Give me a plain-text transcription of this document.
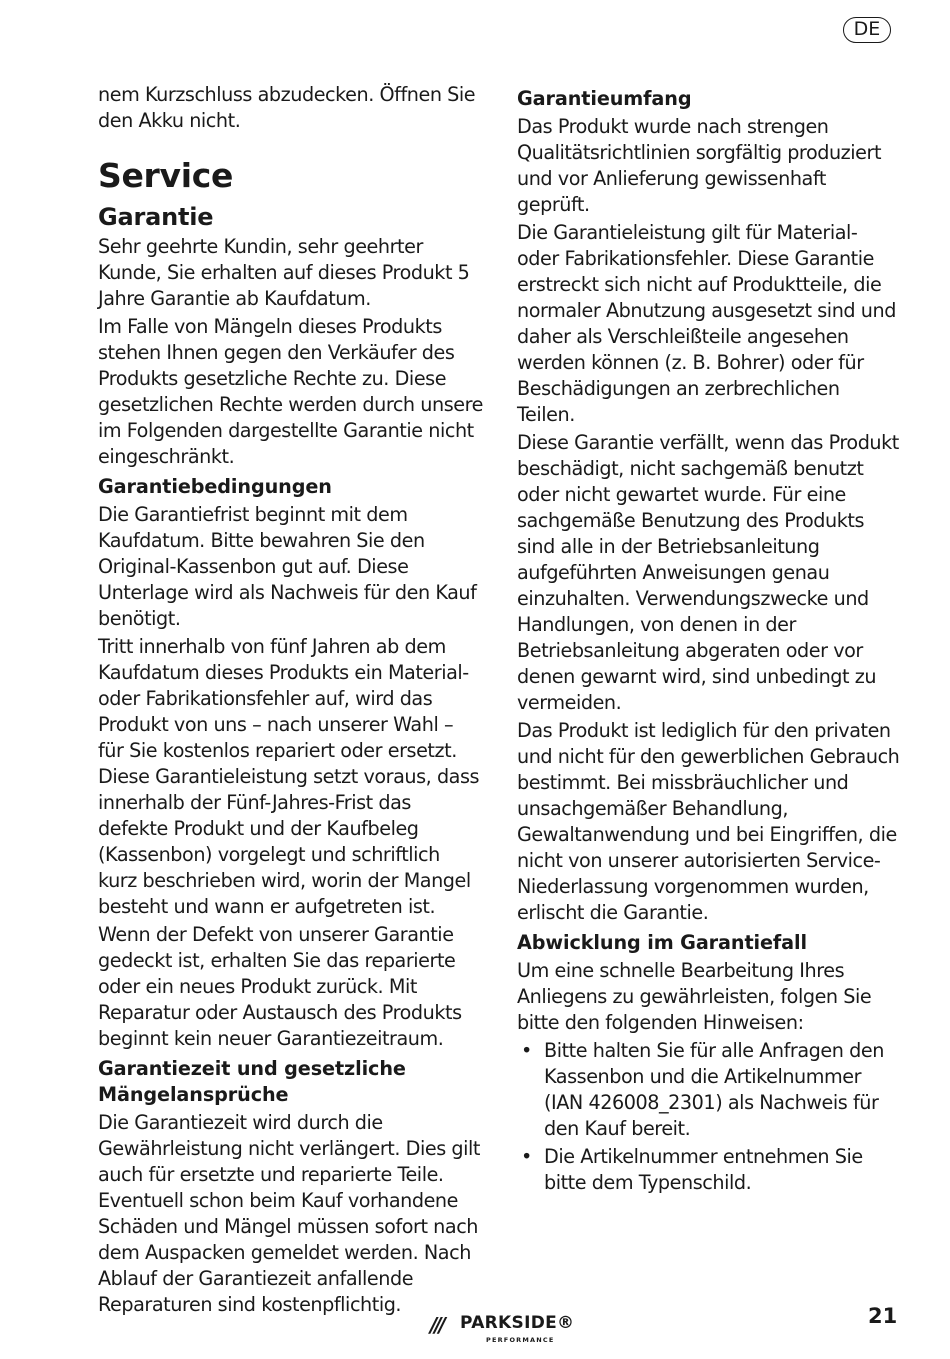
DE

nem Kurzschluss abzudecken. Öffnen Sie den Akku nicht.

Service
Garantie

Sehr geehrte Kundin, sehr geehrter Kunde, Sie erhalten auf dieses Produkt 5 Jahre Garantie ab Kaufdatum.

Im Falle von Mängeln dieses Produkts stehen Ihnen gegen den Verkäufer des Produkts gesetzliche Rechte zu. Diese gesetzlichen Rechte werden durch unsere im Folgenden dargestellte Garantie nicht eingeschränkt.

Garantiebedingungen

Die Garantiefrist beginnt mit dem Kaufdatum. Bitte bewahren Sie den Original-Kassenbon gut auf. Diese Unterlage wird als Nachweis für den Kauf benötigt.

Tritt innerhalb von fünf Jahren ab dem Kaufdatum dieses Produkts ein Material- oder Fabrikationsfehler auf, wird das Produkt von uns – nach unserer Wahl – für Sie kostenlos repariert oder ersetzt. Diese Garantieleistung setzt voraus, dass innerhalb der Fünf-Jahres-Frist das defekte Produkt und der Kaufbeleg (Kassenbon) vorgelegt und schriftlich kurz beschrieben wird, worin der Mangel besteht und wann er aufgetreten ist.

Wenn der Defekt von unserer Garantie gedeckt ist, erhalten Sie das reparierte oder ein neues Produkt zurück. Mit Reparatur oder Austausch des Produkts beginnt kein neuer Garantiezeitraum.

Garantiezeit und gesetzliche Mängelansprüche

Die Garantiezeit wird durch die Gewährleistung nicht verlängert. Dies gilt auch für ersetzte und reparierte Teile. Eventuell schon beim Kauf vorhandene Schäden und Mängel müssen sofort nach dem Auspacken gemeldet werden. Nach Ablauf der Garantiezeit anfallende Reparaturen sind kostenpflichtig.

Garantieumfang

Das Produkt wurde nach strengen Qualitätsrichtlinien sorgfältig produziert und vor Anlieferung gewissenhaft geprüft.

Die Garantieleistung gilt für Material- oder Fabrikationsfehler. Diese Garantie erstreckt sich nicht auf Produktteile, die normaler Abnutzung ausgesetzt sind und daher als Verschleißteile angesehen werden können (z. B. Bohrer) oder für Beschädigungen an zerbrechlichen Teilen.

Diese Garantie verfällt, wenn das Produkt beschädigt, nicht sachgemäß benutzt oder nicht gewartet wurde. Für eine sachgemäße Benutzung des Produkts sind alle in der Betriebsanleitung aufgeführten Anweisungen genau einzuhalten. Verwendungszwecke und Handlungen, von denen in der Betriebsanleitung abgeraten oder vor denen gewarnt wird, sind unbedingt zu vermeiden.

Das Produkt ist lediglich für den privaten und nicht für den gewerblichen Gebrauch bestimmt. Bei missbräuchlicher und unsachgemäßer Behandlung, Gewaltanwendung und bei Eingriffen, die nicht von unserer autorisierten Service-Niederlassung vorgenommen wurden, erlischt die Garantie.

Abwicklung im Garantiefall

Um eine schnelle Bearbeitung Ihres Anliegens zu gewährleisten, folgen Sie bitte den folgenden Hinweisen:

• Bitte halten Sie für alle Anfragen den Kassenbon und die Artikelnummer (IAN 426008_2301) als Nachweis für den Kauf bereit.
• Die Artikelnummer entnehmen Sie bitte dem Typenschild.
/// PARKSIDE®
PERFORMANCE
21
